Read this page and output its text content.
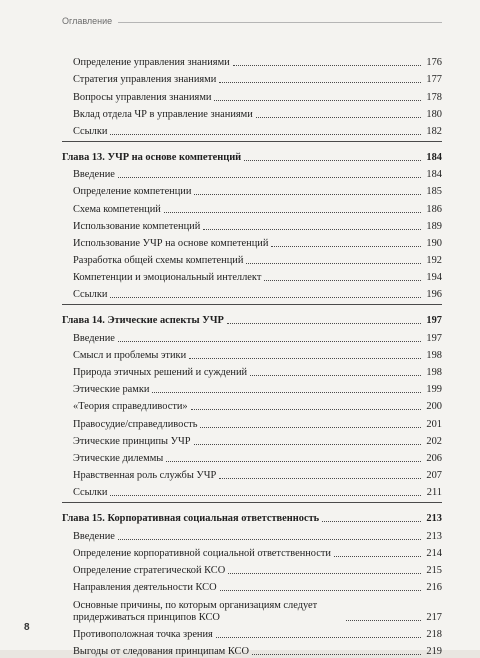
Оглавление
Определение управления знаниями	176
Стратегия управления знаниями	177
Вопросы управления знаниями	178
Вклад отдела ЧР в управление знаниями	180
Ссылки	182
Глава 13. УЧР на основе компетенций	184
Введение	184
Определение компетенции	185
Схема компетенций	186
Использование компетенций	189
Использование УЧР на основе компетенций	190
Разработка общей схемы компетенций	192
Компетенции и эмоциональный интеллект	194
Ссылки	196
Глава 14. Этические аспекты УЧР	197
Введение	197
Смысл и проблемы этики	198
Природа этичных решений и суждений	198
Этические рамки	199
«Теория справедливости»	200
Правосудие/справедливость	201
Этические принципы УЧР	202
Этические дилеммы	206
Нравственная роль службы УЧР	207
Ссылки	211
Глава 15. Корпоративная социальная ответственность	213
Введение	213
Определение корпоративной социальной ответственности	214
Определение стратегической КСО	215
Направления деятельности КСО	216
Основные причины, по которым организациям следует придерживаться принципов КСО	217
Противоположная точка зрения	218
Выгоды от следования принципам КСО	219
8
